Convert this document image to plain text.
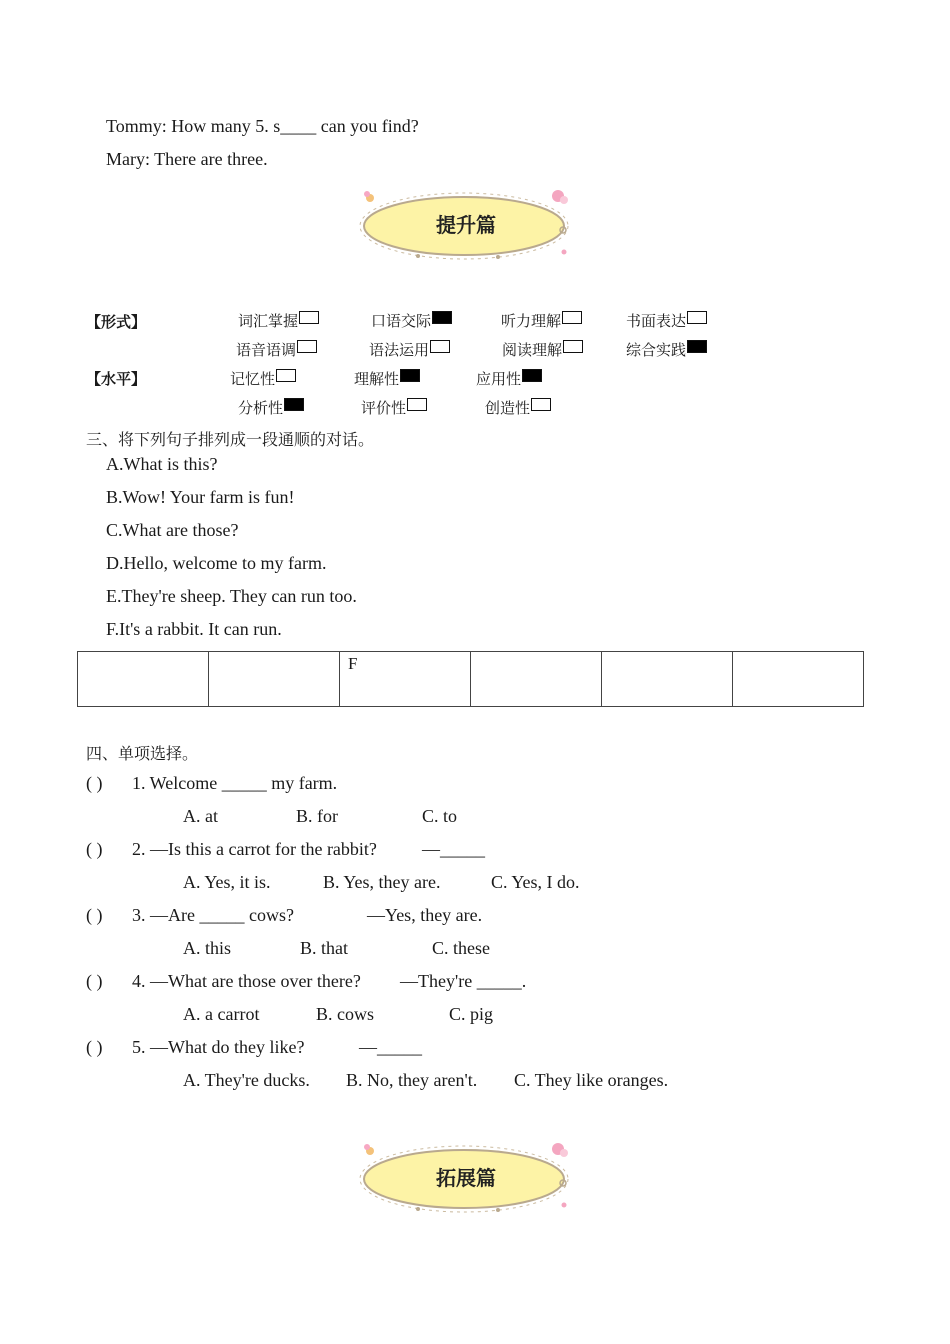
Tommy: How many 5. s____ can you find?
Mary: There are three.
提升篇
【形式】
【水平】
词汇掌握	口语交际	听力理解	书面表达
语音语调	语法运用	阅读理解	综合实践
记忆性	理解性	应用性
分析性	评价性	创造性
三、将下列句子排列成一段通顺的对话。
A.What is this?
B.Wow! Your farm is fun!
C.What are those?
D.Hello, welcome to my farm.
E.They're sheep. They can run too.
F.It's a rabbit. It can run.
		F			
四、单项选择。
( ) 1. Welcome _____ my farm.
A. at	B. for	C. to
( ) 2. —Is this a carrot for the rabbit?	—_____
A. Yes, it is.	B. Yes, they are.	C. Yes, I do.
( ) 3. —Are _____ cows?	—Yes, they are.
A. this	B. that	C. these
( ) 4. —What are those over there? —They're _____.
A. a carrot	B. cows	C. pig
( ) 5. —What do they like?	—_____
A. They're ducks. B. No, they aren't. C. They like oranges.
拓展篇
